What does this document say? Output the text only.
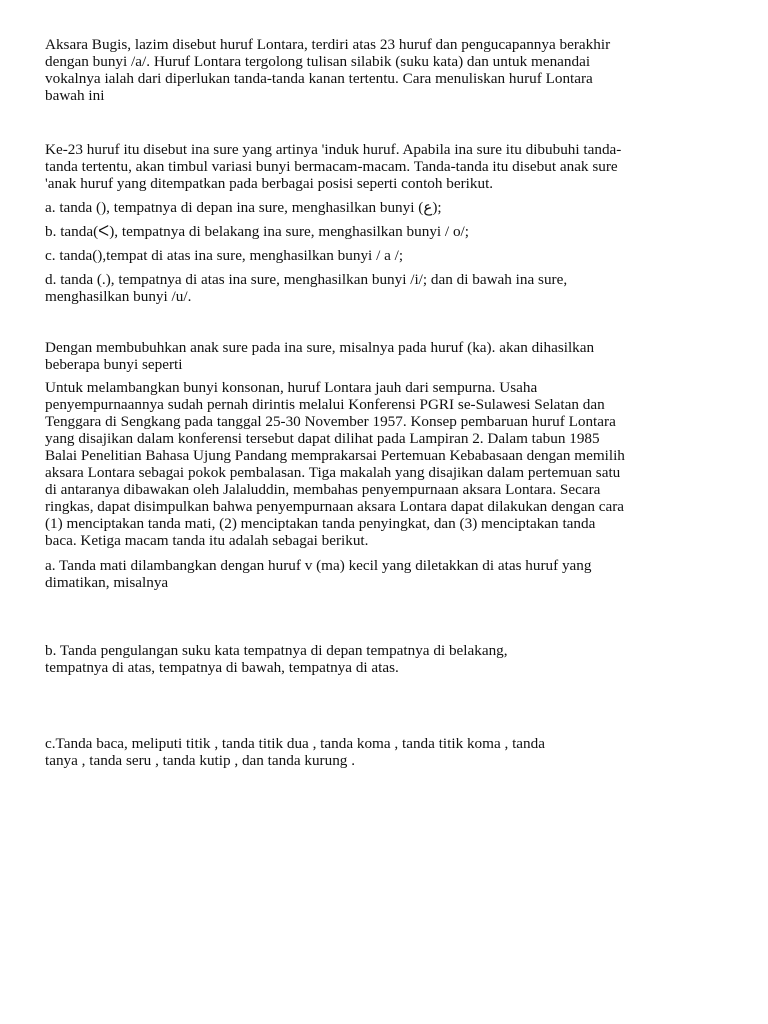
Aksara Bugis, lazim disebut huruf Lontara, terdiri atas 23 huruf dan pengucapannya berakhir
dengan bunyi /a/. Huruf Lontara tergolong tulisan silabik (suku kata) dan untuk menandai
vokalnya ialah dari diperlukan tanda-tanda kanan tertentu. Cara menuliskan huruf Lontara
bawah ini

Ke-23 huruf itu disebut ina sure yang artinya 'induk huruf. Apabila ina sure itu dibubuhi tanda-
tanda tertentu, akan timbul variasi bunyi bermacam-macam. Tanda-tanda itu disebut anak sure
'anak huruf yang ditempatkan pada berbagai posisi seperti contoh berikut.

a. tanda (), tempatnya di depan ina sure, menghasilkan bunyi (ع);

b. tanda(ᐸ), tempatnya di belakang ina sure, menghasilkan bunyi / o/;

c. tanda(),tempat di atas ina sure, menghasilkan bunyi / a /;

d. tanda (.), tempatnya di atas ina sure, menghasilkan bunyi /i/; dan di bawah ina sure,
menghasilkan bunyi /u/.

Dengan membubuhkan anak sure pada ina sure, misalnya pada huruf (ka). akan dihasilkan
beberapa bunyi seperti

Untuk melambangkan bunyi konsonan, huruf Lontara jauh dari sempurna. Usaha
penyempurnaannya sudah pernah dirintis melalui Konferensi PGRI se-Sulawesi Selatan dan
Tenggara di Sengkang pada tanggal 25-30 November 1957. Konsep pembaruan huruf Lontara
yang disajikan dalam konferensi tersebut dapat dilihat pada Lampiran 2. Dalam tabun 1985
Balai Penelitian Bahasa Ujung Pandang memprakarsai Pertemuan Kebabasaan dengan memilih
aksara Lontara sebagai pokok pembalasan. Tiga makalah yang disajikan dalam pertemuan satu
di antaranya dibawakan oleh Jalaluddin, membahas penyempurnaan aksara Lontara. Secara
ringkas, dapat disimpulkan bahwa penyempurnaan aksara Lontara dapat dilakukan dengan cara
(1) menciptakan tanda mati, (2) menciptakan tanda penyingkat, dan (3) menciptakan tanda
baca. Ketiga macam tanda itu adalah sebagai berikut.

a. Tanda mati dilambangkan dengan huruf v (ma) kecil yang diletakkan di atas huruf yang
dimatikan, misalnya

b. Tanda pengulangan suku kata tempatnya di depan tempatnya di belakang,
tempatnya di atas, tempatnya di bawah, tempatnya di atas.

c.Tanda baca, meliputi titik , tanda titik dua , tanda koma , tanda titik koma , tanda
tanya , tanda seru , tanda kutip , dan tanda kurung .
